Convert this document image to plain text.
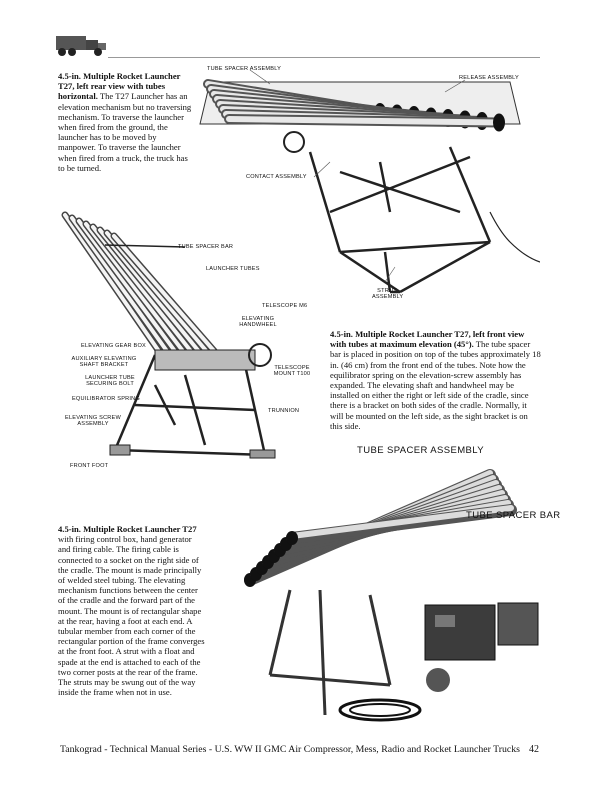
TUBE SPACER ASSEMBLY
RELEASE ASSEMBLY
CONTACT ASSEMBLY
STRUT ASSEMBLY
4.5-in. Multiple Rocket Launcher T27, left rear view with tubes horizontal. The T27 Launcher has an elevation mechanism but no traversing mechanism. To traverse the launcher when fired from the ground, the launcher has to be moved by manpower. To traverse the launcher when fired from a truck, the truck has to be turned.
TUBE SPACER BAR
LAUNCHER TUBES
TELESCOPE M6
ELEVATING HANDWHEEL
ELEVATING GEAR BOX
AUXILIARY ELEVATING SHAFT BRACKET
LAUNCHER TUBE SECURING BOLT
TELESCOPE MOUNT T100
EQUILIBRATOR SPRING
TRUNNION
ELEVATING SCREW ASSEMBLY
FRONT FOOT
4.5-in. Multiple Rocket Launcher T27, left front view with tubes at maximum elevation (45°). The tube spacer bar is placed in position on top of the tubes approximately 18 in. (46 cm) from the front end of the tubes. Note how the equilibrator spring on the elevation-screw assembly has expanded. The elevating shaft and handwheel may be installed on either the right or left side of the cradle, since there is a bracket on both sides of the cradle. Normally, it will be mounted on the left side, as the sight bracket is on this side.
TUBE SPACER ASSEMBLY
TUBE SPACER BAR
4.5-in. Multiple Rocket Launcher T27 with firing control box, hand generator and firing cable. The firing cable is connected to a socket on the right side of the cradle. The mount is made principally of welded steel tubing. The elevating mechanism functions between the center of the cradle and the forward part of the mount. The mount is of rectangular shape at the rear, having a foot at each end. A tubular member from each corner of the rectangular portion of the frame converges at the front foot. A strut with a float and spade at the end is attached to each of the two corner posts at the rear of the frame. The struts may be swung out of the way inside the frame when not in use.
Tankograd - Technical Manual Series - U.S. WW II GMC Air Compressor, Mess, Radio and Rocket Launcher Trucks 42
